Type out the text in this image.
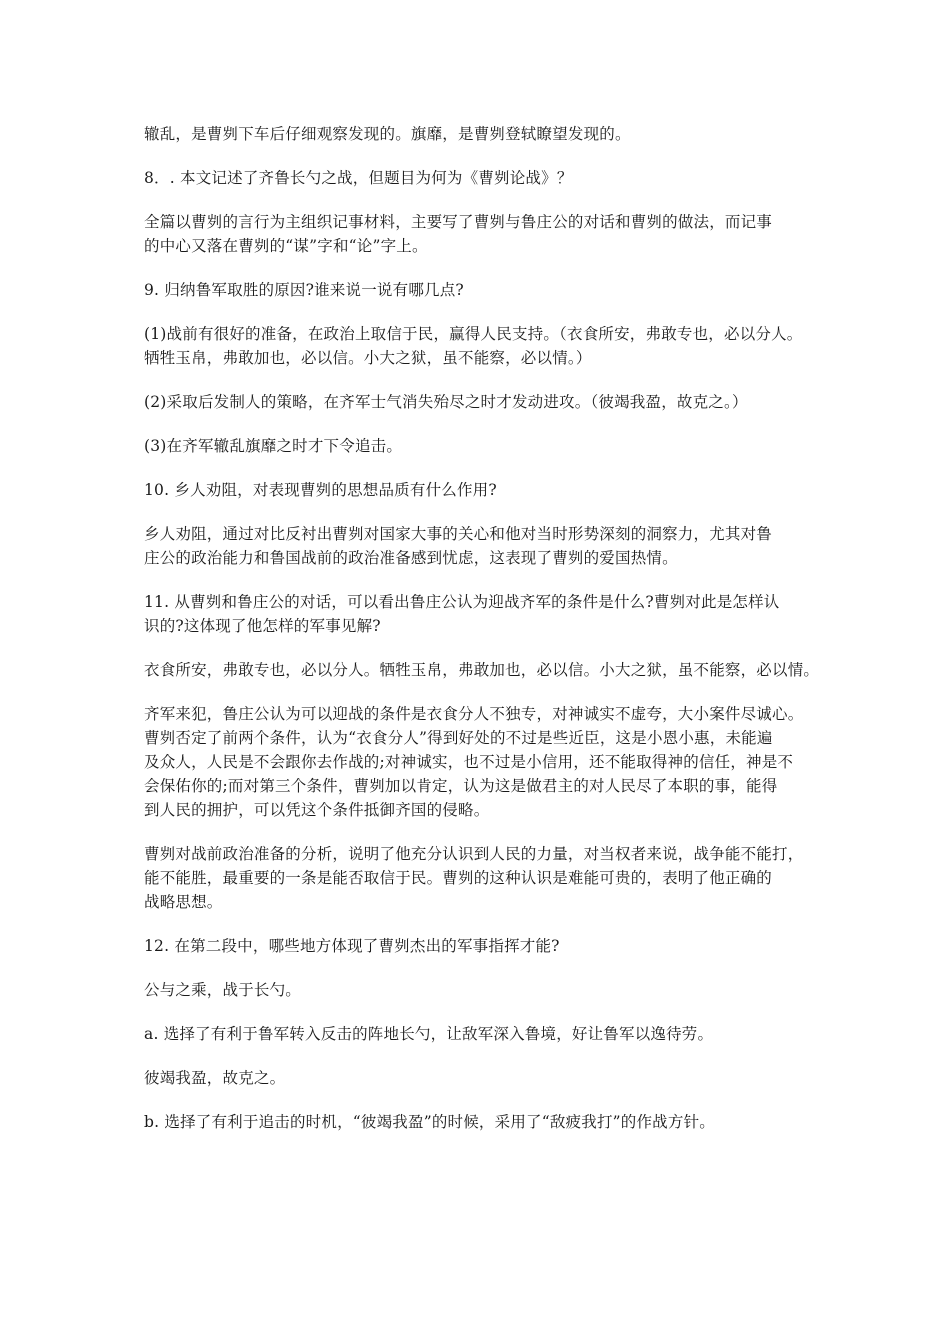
辙乱，是曹刿下车后仔细观察发现的。旗靡，是曹刿登轼瞭望发现的。
8．. 本文记述了齐鲁长勺之战，但题目为何为《曹刿论战》？
全篇以曹刿的言行为主组织记事材料，主要写了曹刿与鲁庄公的对话和曹刿的做法，而记事
的中心又落在曹刿的“谋”字和“论”字上。
9. 归纳鲁军取胜的原因?谁来说一说有哪几点?
(1)战前有很好的准备，在政治上取信于民，赢得人民支持。（衣食所安，弗敢专也，必以分人。
牺牲玉帛，弗敢加也，必以信。小大之狱，虽不能察，必以情。）
(2)采取后发制人的策略，在齐军士气消失殆尽之时才发动进攻。（彼竭我盈，故克之。）
(3)在齐军辙乱旗靡之时才下令追击。
10. 乡人劝阻，对表现曹刿的思想品质有什么作用?
乡人劝阻，通过对比反衬出曹刿对国家大事的关心和他对当时形势深刻的洞察力，尤其对鲁
庄公的政治能力和鲁国战前的政治准备感到忧虑，这表现了曹刿的爱国热情。
11. 从曹刿和鲁庄公的对话，可以看出鲁庄公认为迎战齐军的条件是什么?曹刿对此是怎样认
识的?这体现了他怎样的军事见解?
衣食所安，弗敢专也，必以分人。牺牲玉帛，弗敢加也，必以信。小大之狱，虽不能察，必以情。
齐军来犯，鲁庄公认为可以迎战的条件是衣食分人不独专，对神诚实不虚夸，大小案件尽诚心。
曹刿否定了前两个条件，认为“衣食分人”得到好处的不过是些近臣，这是小恩小惠，未能遍
及众人，人民是不会跟你去作战的;对神诚实，也不过是小信用，还不能取得神的信任，神是不
会保佑你的;而对第三个条件，曹刿加以肯定，认为这是做君主的对人民尽了本职的事，能得
到人民的拥护，可以凭这个条件抵御齐国的侵略。
曹刿对战前政治准备的分析，说明了他充分认识到人民的力量，对当权者来说，战争能不能打，
能不能胜，最重要的一条是能否取信于民。曹刿的这种认识是难能可贵的，表明了他正确的
战略思想。
12. 在第二段中，哪些地方体现了曹刿杰出的军事指挥才能?
公与之乘，战于长勺。
a. 选择了有利于鲁军转入反击的阵地长勺，让敌军深入鲁境，好让鲁军以逸待劳。
彼竭我盈，故克之。
b. 选择了有利于追击的时机，“彼竭我盈”的时候，采用了“敌疲我打”的作战方针。
